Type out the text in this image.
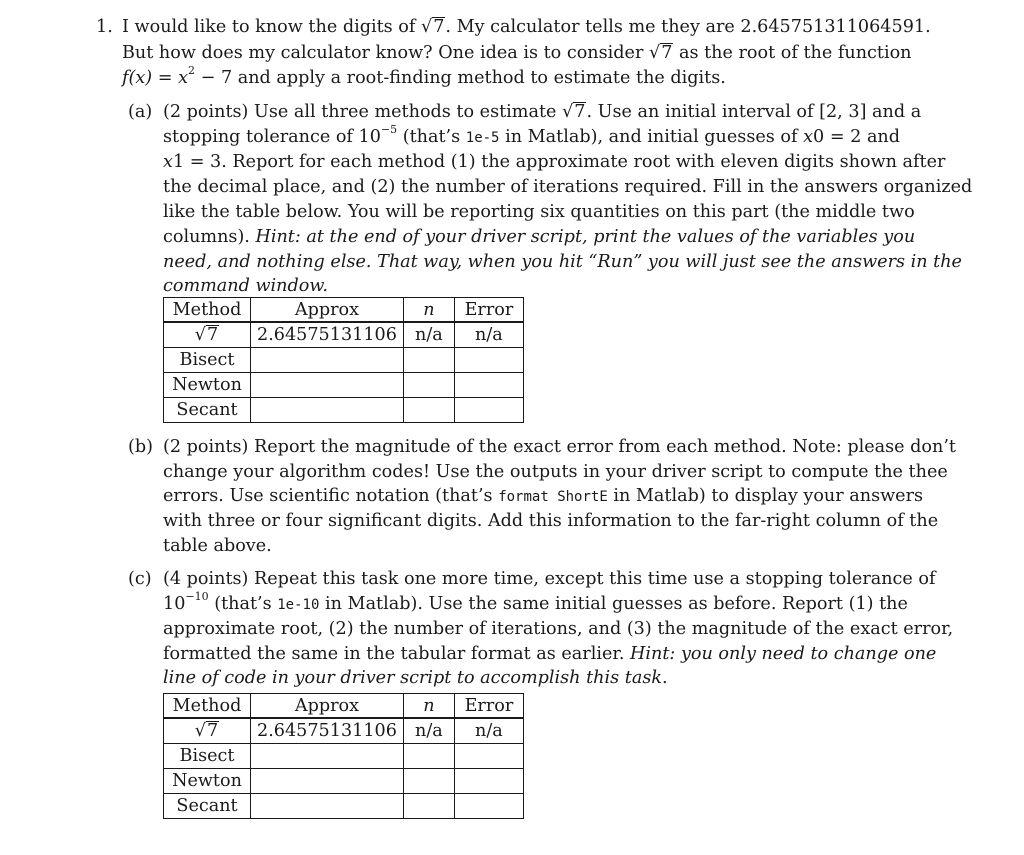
1. I would like to know the digits of √7. My calculator tells me they are 2.645751311064591.
But how does my calculator know? One idea is to consider √7 as the root of the function
$f(x) = x^2 - 7$ and apply a root-finding method to estimate the digits.
(a) (2 points) Use all three methods to estimate √7. Use an initial interval of [2, 3] and a
stopping tolerance of $10^{-5}$ (that’s 1e-5 in Matlab), and initial guesses of x0 = 2 and
x1 = 3. Report for each method (1) the approximate root with eleven digits shown after
the decimal place, and (2) the number of iterations required. Fill in the answers organized
like the table below. You will be reporting six quantities on this part (the middle two
columns). Hint: at the end of your driver script, print the values of the variables you
need, and nothing else. That way, when you hit “Run” you will just see the answers in the
command window.
Method	Approx	n	Error
√7	2.64575131106	n/a	n/a
Bisect			
Newton			
Secant			
(b) (2 points) Report the magnitude of the exact error from each method. Note: please don’t
change your algorithm codes! Use the outputs in your driver script to compute the thee
errors. Use scientific notation (that’s format ShortE in Matlab) to display your answers
with three or four significant digits. Add this information to the far-right column of the
table above.
(c) (4 points) Repeat this task one more time, except this time use a stopping tolerance of
$10^{-10}$ (that’s 1e-10 in Matlab). Use the same initial guesses as before. Report (1) the
approximate root, (2) the number of iterations, and (3) the magnitude of the exact error,
formatted the same in the tabular format as earlier. Hint: you only need to change one
line of code in your driver script to accomplish this task.
Method	Approx	n	Error
√7	2.64575131106	n/a	n/a
Bisect			
Newton			
Secant			
